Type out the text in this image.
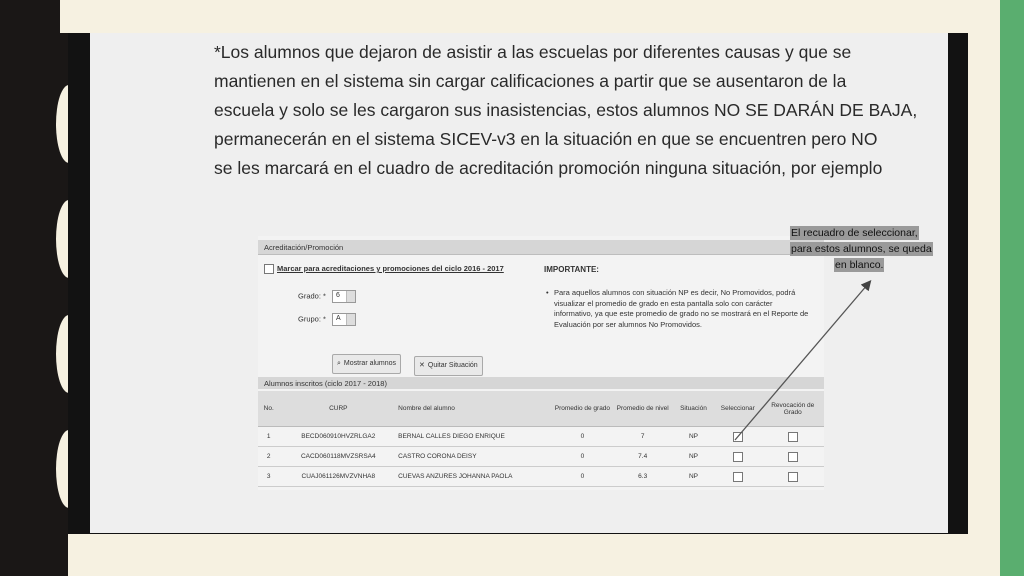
*Los alumnos que dejaron de asistir a las escuelas por diferentes causas y que se
mantienen en el sistema sin cargar calificaciones a partir que se ausentaron de la
escuela y solo se les cargaron sus inasistencias, estos alumnos NO SE DARÁN DE BAJA,
permanecerán en el sistema SICEV-v3 en la situación en que se encuentren pero NO
se les marcará en el cuadro de acreditación promoción ninguna situación, por ejemplo
Acreditación/Promoción
Marcar para acreditaciones y promociones del ciclo 2016 - 2017
Grado: * 6
Grupo: * A
IMPORTANTE:
• Para aquellos alumnos con situación NP es decir, No Promovidos, podrá visualizar el promedio de grado en esta pantalla solo con carácter informativo, ya que este promedio de grado no se mostrará en el Reporte de Evaluación por ser alumnos No Promovidos.
⌕ Mostrar alumnos	✕ Quitar Situación
Alumnos inscritos (ciclo 2017 - 2018)
No.	CURP	Nombre del alumno	Promedio de grado	Promedio de nivel	Situación	Seleccionar	Revocación de Grado
1	BECD060910HVZRLGA2	BERNAL CALLES DIEGO ENRIQUE	0	7	NP		
2	CACD060118MVZSRSA4	CASTRO CORONA DEISY	0	7.4	NP		
3	CUAJ061126MVZVNHA8	CUEVAS ANZURES JOHANNA PAOLA	0	6.3	NP		
El recuadro de seleccionar,
para estos alumnos, se queda
en blanco.
